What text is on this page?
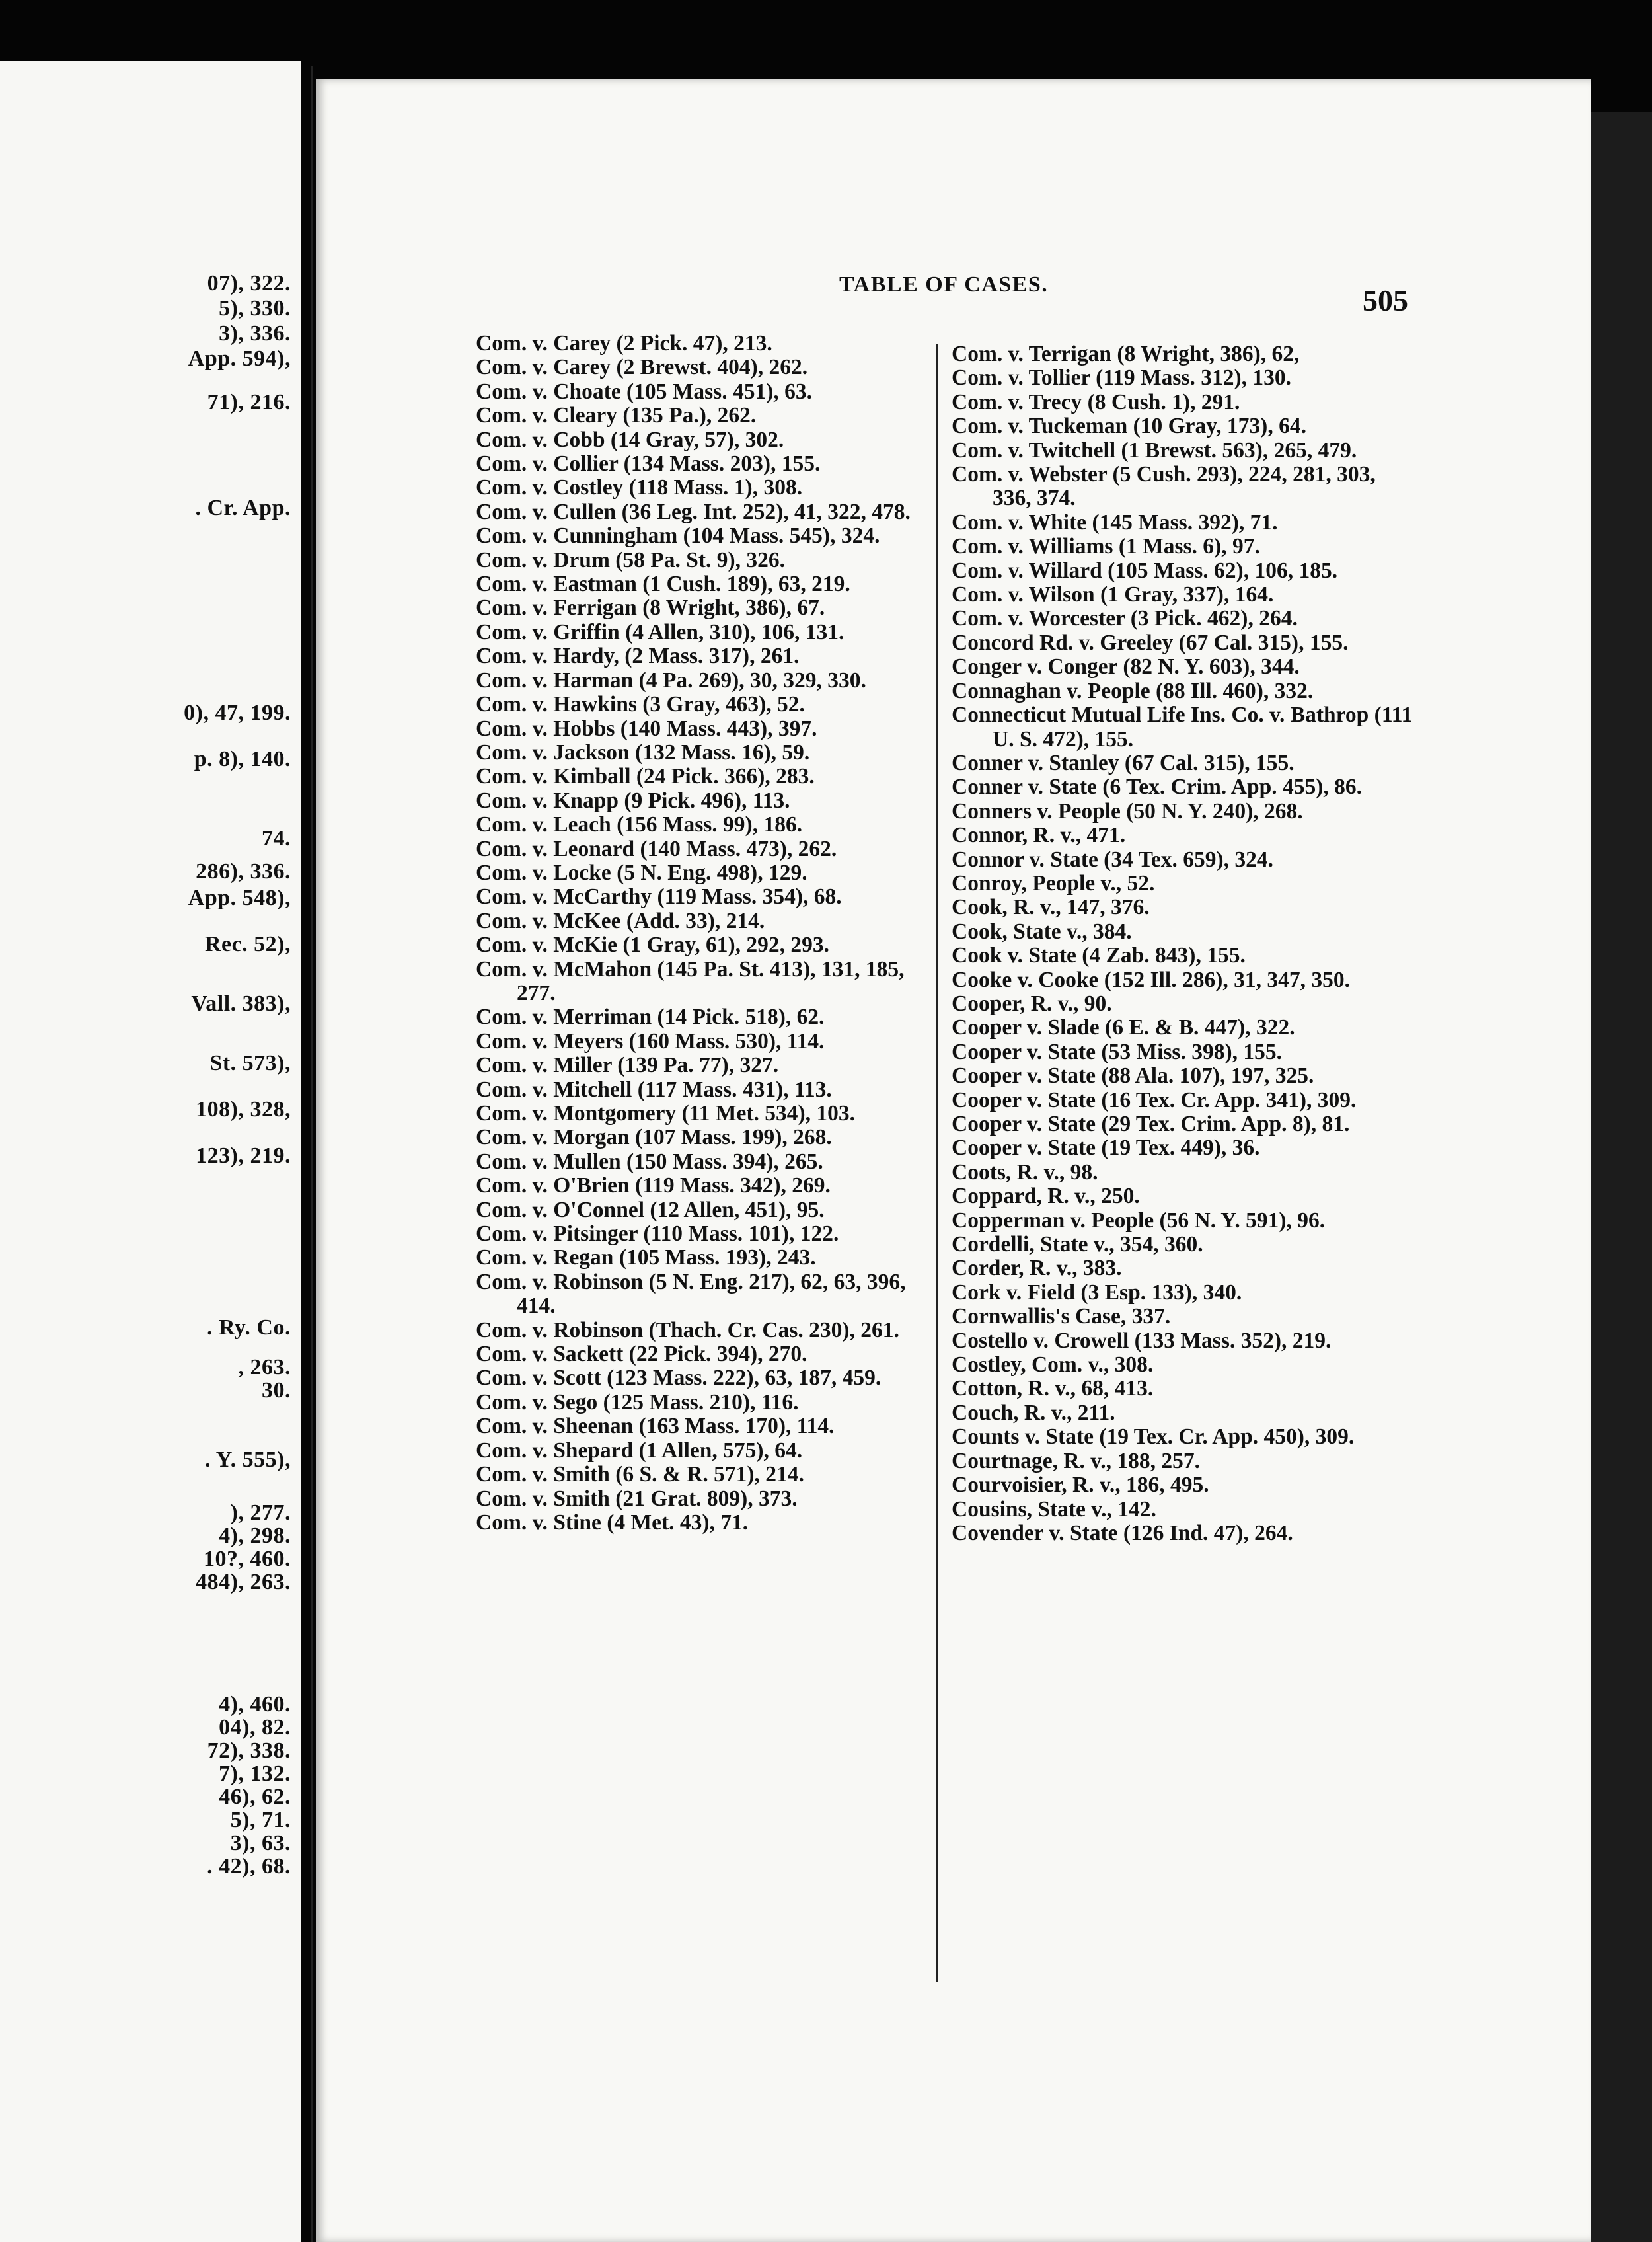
07), 322.
5), 330.
3), 336.
App. 594),
71), 216.
. Cr. App.
0), 47, 199.
p. 8), 140.
74.
286), 336.
App. 548),
Rec. 52),
Vall. 383),
St. 573),
108), 328,
123), 219.
. Ry. Co.
, 263.
30.
. Y. 555),
), 277.
4), 298.
10?, 460.
484), 263.
4), 460.
04), 82.
72), 338.
7), 132.
46), 62.
5), 71.
3), 63.
. 42), 68.
TABLE OF CASES.	505

Com. v. Carey (2 Pick. 47), 213.

Com. v. Carey (2 Brewst. 404), 262.

Com. v. Choate (105 Mass. 451), 63.

Com. v. Cleary (135 Pa.), 262.

Com. v. Cobb (14 Gray, 57), 302.

Com. v. Collier (134 Mass. 203), 155.

Com. v. Costley (118 Mass. 1), 308.

Com. v. Cullen (36 Leg. Int. 252), 41, 322, 478.

Com. v. Cunningham (104 Mass. 545), 324.

Com. v. Drum (58 Pa. St. 9), 326.

Com. v. Eastman (1 Cush. 189), 63, 219.

Com. v. Ferrigan (8 Wright, 386), 67.

Com. v. Griffin (4 Allen, 310), 106, 131.

Com. v. Hardy, (2 Mass. 317), 261.

Com. v. Harman (4 Pa. 269), 30, 329, 330.

Com. v. Hawkins (3 Gray, 463), 52.

Com. v. Hobbs (140 Mass. 443), 397.

Com. v. Jackson (132 Mass. 16), 59.

Com. v. Kimball (24 Pick. 366), 283.

Com. v. Knapp (9 Pick. 496), 113.

Com. v. Leach (156 Mass. 99), 186.

Com. v. Leonard (140 Mass. 473), 262.

Com. v. Locke (5 N. Eng. 498), 129.

Com. v. McCarthy (119 Mass. 354), 68.

Com. v. McKee (Add. 33), 214.

Com. v. McKie (1 Gray, 61), 292, 293.

Com. v. McMahon (145 Pa. St. 413), 131, 185, 277.

Com. v. Merriman (14 Pick. 518), 62.

Com. v. Meyers (160 Mass. 530), 114.

Com. v. Miller (139 Pa. 77), 327.

Com. v. Mitchell (117 Mass. 431), 113.

Com. v. Montgomery (11 Met. 534), 103.

Com. v. Morgan (107 Mass. 199), 268.

Com. v. Mullen (150 Mass. 394), 265.

Com. v. O'Brien (119 Mass. 342), 269.

Com. v. O'Connel (12 Allen, 451), 95.

Com. v. Pitsinger (110 Mass. 101), 122.

Com. v. Regan (105 Mass. 193), 243.

Com. v. Robinson (5 N. Eng. 217), 62, 63, 396, 414.

Com. v. Robinson (Thach. Cr. Cas. 230), 261.

Com. v. Sackett (22 Pick. 394), 270.

Com. v. Scott (123 Mass. 222), 63, 187, 459.

Com. v. Sego (125 Mass. 210), 116.

Com. v. Sheenan (163 Mass. 170), 114.

Com. v. Shepard (1 Allen, 575), 64.

Com. v. Smith (6 S. & R. 571), 214.

Com. v. Smith (21 Grat. 809), 373.

Com. v. Stine (4 Met. 43), 71.

Com. v. Terrigan (8 Wright, 386), 62,

Com. v. Tollier (119 Mass. 312), 130.

Com. v. Trecy (8 Cush. 1), 291.

Com. v. Tuckeman (10 Gray, 173), 64.

Com. v. Twitchell (1 Brewst. 563), 265, 479.

Com. v. Webster (5 Cush. 293), 224, 281, 303, 336, 374.

Com. v. White (145 Mass. 392), 71.

Com. v. Williams (1 Mass. 6), 97.

Com. v. Willard (105 Mass. 62), 106, 185.

Com. v. Wilson (1 Gray, 337), 164.

Com. v. Worcester (3 Pick. 462), 264.

Concord Rd. v. Greeley (67 Cal. 315), 155.

Conger v. Conger (82 N. Y. 603), 344.

Connaghan v. People (88 Ill. 460), 332.

Connecticut Mutual Life Ins. Co. v. Bathrop (111 U. S. 472), 155.

Conner v. Stanley (67 Cal. 315), 155.

Conner v. State (6 Tex. Crim. App. 455), 86.

Conners v. People (50 N. Y. 240), 268.

Connor, R. v., 471.

Connor v. State (34 Tex. 659), 324.

Conroy, People v., 52.

Cook, R. v., 147, 376.

Cook, State v., 384.

Cook v. State (4 Zab. 843), 155.

Cooke v. Cooke (152 Ill. 286), 31, 347, 350.

Cooper, R. v., 90.

Cooper v. Slade (6 E. & B. 447), 322.

Cooper v. State (53 Miss. 398), 155.

Cooper v. State (88 Ala. 107), 197, 325.

Cooper v. State (16 Tex. Cr. App. 341), 309.

Cooper v. State (29 Tex. Crim. App. 8), 81.

Cooper v. State (19 Tex. 449), 36.

Coots, R. v., 98.

Coppard, R. v., 250.

Copperman v. People (56 N. Y. 591), 96.

Cordelli, State v., 354, 360.

Corder, R. v., 383.

Cork v. Field (3 Esp. 133), 340.

Cornwallis's Case, 337.

Costello v. Crowell (133 Mass. 352), 219.

Costley, Com. v., 308.

Cotton, R. v., 68, 413.

Couch, R. v., 211.

Counts v. State (19 Tex. Cr. App. 450), 309.

Courtnage, R. v., 188, 257.

Courvoisier, R. v., 186, 495.

Cousins, State v., 142.

Covender v. State (126 Ind. 47), 264.
